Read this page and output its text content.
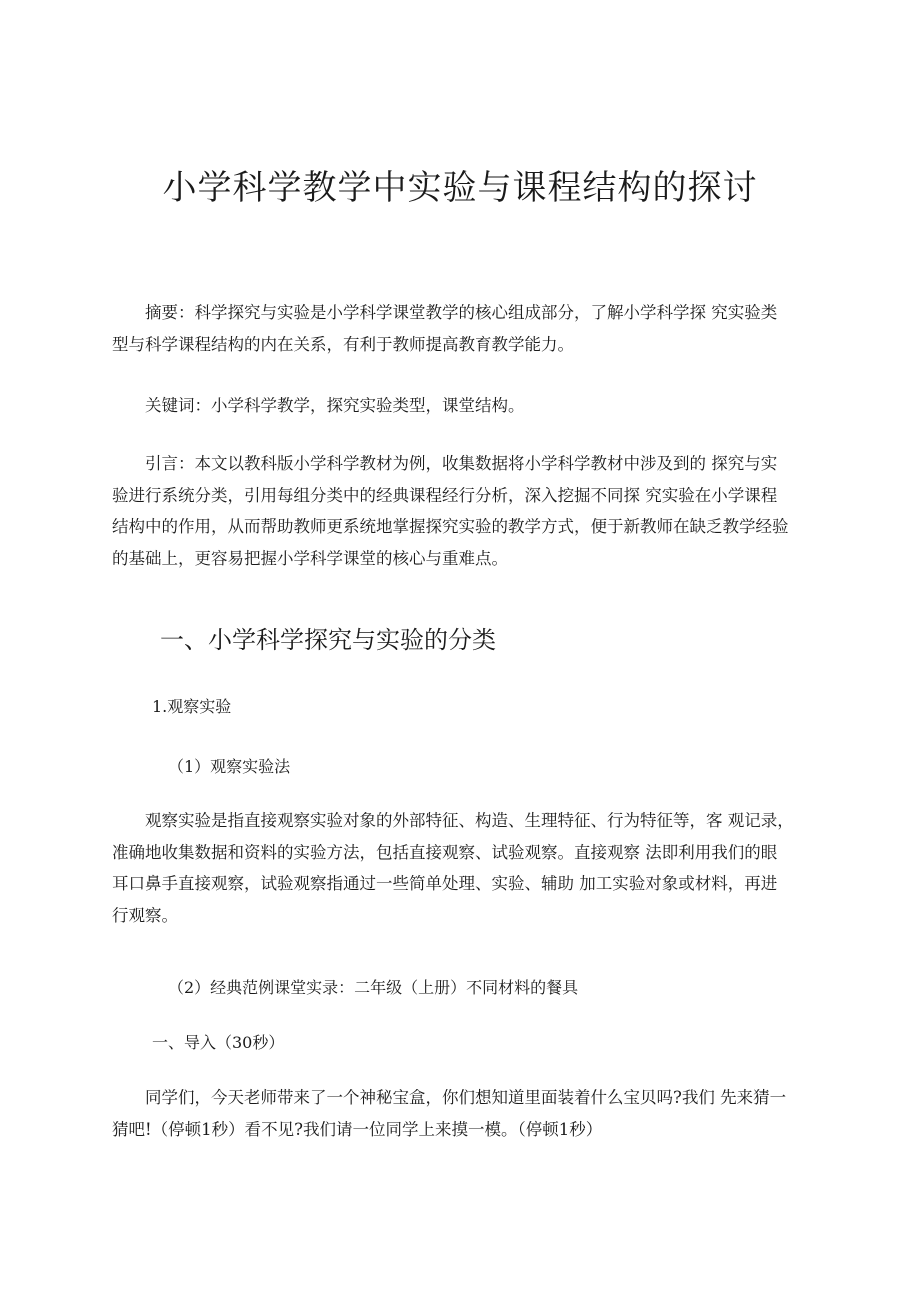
小学科学教学中实验与课程结构的探讨

摘要：科学探究与实验是小学科学课堂教学的核心组成部分，了解小学科学探 究实验类
型与科学课程结构的内在关系，有利于教师提高教育教学能力。

关键词：小学科学教学，探究实验类型，课堂结构。

引言：本文以教科版小学科学教材为例，收集数据将小学科学教材中涉及到的 探究与实
验进行系统分类，引用每组分类中的经典课程经行分析，深入挖掘不同探 究实验在小学课程
结构中的作用，从而帮助教师更系统地掌握探究实验的教学方式，便于新教师在缺乏教学经验
的基础上，更容易把握小学科学课堂的核心与重难点。

一、小学科学探究与实验的分类
1.观察实验
（1）观察实验法

观察实验是指直接观察实验对象的外部特征、构造、生理特征、行为特征等，客 观记录，
准确地收集数据和资料的实验方法，包括直接观察、试验观察。直接观察 法即利用我们的眼
耳口鼻手直接观察，试验观察指通过一些简单处理、实验、辅助 加工实验对象或材料，再进
行观察。

（2）经典范例课堂实录：二年级（上册）不同材料的餐具
一、导入（30秒）

同学们，今天老师带来了一个神秘宝盒，你们想知道里面装着什么宝贝吗?我们 先来猜一
猜吧!（停顿1秒）看不见?我们请一位同学上来摸一模。（停顿1秒）
